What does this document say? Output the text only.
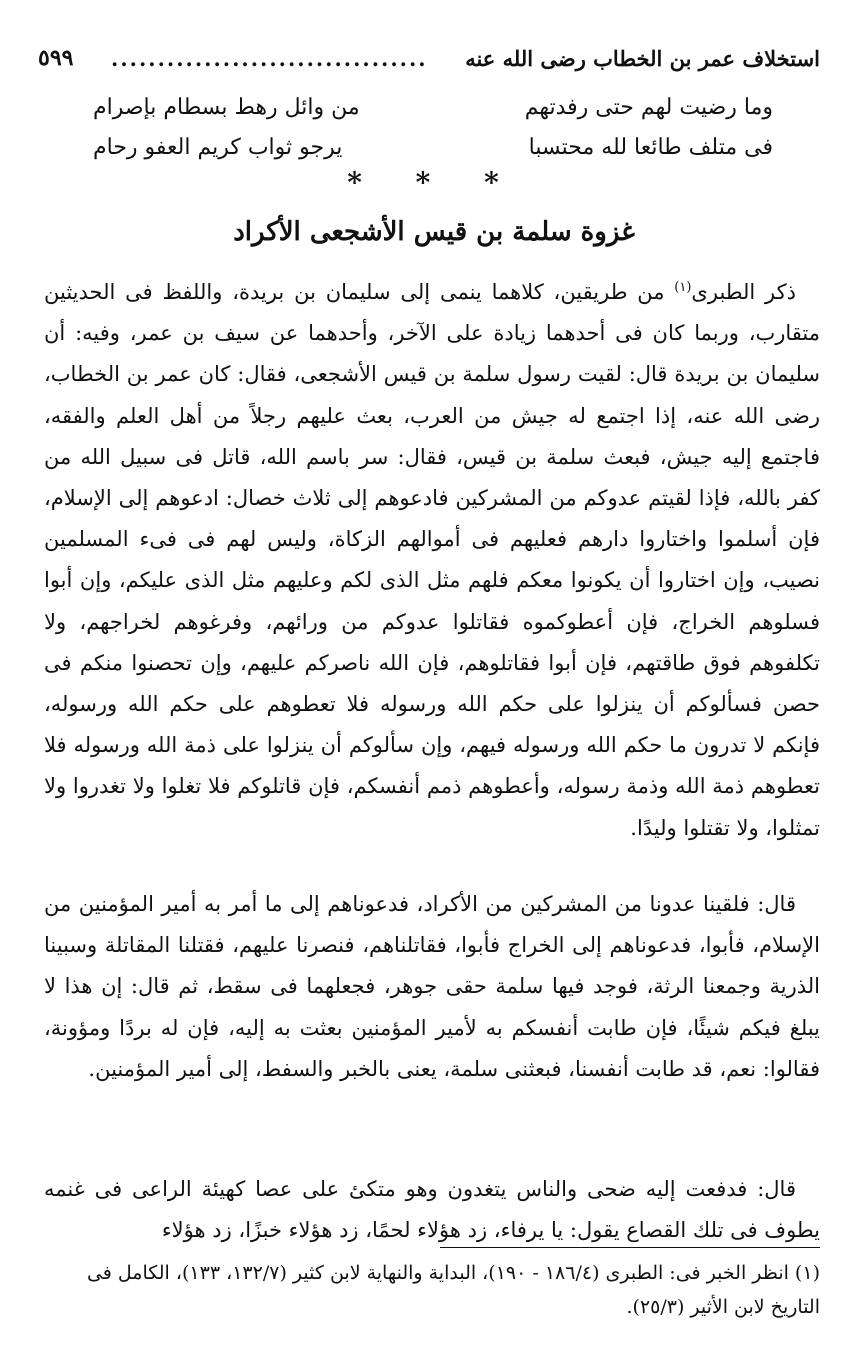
استخلاف عمر بن الخطاب رضى الله عنه
..................................
٥٩٩
وما رضيت لهم حتى رفدتهم
من وائل رهط بسطام بإصرام
فى متلف طائعا لله محتسبا
يرجو ثواب كريم العفو رحام
* * *
غزوة سلمة بن قيس الأشجعى الأكراد

ذكر الطبرى$^{(١)}$ من طريقين، كلاهما ينمى إلى سليمان بن بريدة، واللفظ فى الحديثين متقارب، وربما كان فى أحدهما زيادة على الآخر، وأحدهما عن سيف بن عمر، وفيه: أن سليمان بن بريدة قال: لقيت رسول سلمة بن قيس الأشجعى، فقال: كان عمر بن الخطاب، رضى الله عنه، إذا اجتمع له جيش من العرب، بعث عليهم رجلاً من أهل العلم والفقه، فاجتمع إليه جيش، فبعث سلمة بن قيس، فقال: سر باسم الله، قاتل فى سبيل الله من كفر بالله، فإذا لقيتم عدوكم من المشركين فادعوهم إلى ثلاث خصال: ادعوهم إلى الإسلام، فإن أسلموا واختاروا دارهم فعليهم فى أموالهم الزكاة، وليس لهم فى فىء المسلمين نصيب، وإن اختاروا أن يكونوا معكم فلهم مثل الذى لكم وعليهم مثل الذى عليكم، وإن أبوا فسلوهم الخراج، فإن أعطوكموه فقاتلوا عدوكم من ورائهم، وفرغوهم لخراجهم، ولا تكلفوهم فوق طاقتهم، فإن أبوا فقاتلوهم، فإن الله ناصركم عليهم، وإن تحصنوا منكم فى حصن فسألوكم أن ينزلوا على حكم الله ورسوله فلا تعطوهم على حكم الله ورسوله، فإنكم لا تدرون ما حكم الله ورسوله فيهم، وإن سألوكم أن ينزلوا على ذمة الله ورسوله فلا تعطوهم ذمة الله وذمة رسوله، وأعطوهم ذمم أنفسكم، فإن قاتلوكم فلا تغلوا ولا تغدروا ولا تمثلوا، ولا تقتلوا وليدًا.

قال: فلقينا عدونا من المشركين من الأكراد، فدعوناهم إلى ما أمر به أمير المؤمنين من الإسلام، فأبوا، فدعوناهم إلى الخراج فأبوا، فقاتلناهم، فنصرنا عليهم، فقتلنا المقاتلة وسبينا الذرية وجمعنا الرثة، فوجد فيها سلمة حقى جوهر، فجعلهما فى سقط، ثم قال: إن هذا لا يبلغ فيكم شيئًا، فإن طابت أنفسكم به لأمير المؤمنين بعثت به إليه، فإن له بردًا ومؤونة، فقالوا: نعم، قد طابت أنفسنا، فبعثنى سلمة، يعنى بالخبر والسفط، إلى أمير المؤمنين.

قال: فدفعت إليه ضحى والناس يتغدون وهو متكئ على عصا كهيئة الراعى فى غنمه يطوف فى تلك القصاع يقول: يا يرفاء، زد هؤلاء لحمًا، زد هؤلاء خبزًا، زد هؤلاء

(١) انظر الخبر فى: الطبرى (١٨٦/٤ - ١٩٠)، البداية والنهاية لابن كثير (١٣٢/٧، ١٣٣)، الكامل فى التاريخ لابن الأثير (٢٥/٣).
